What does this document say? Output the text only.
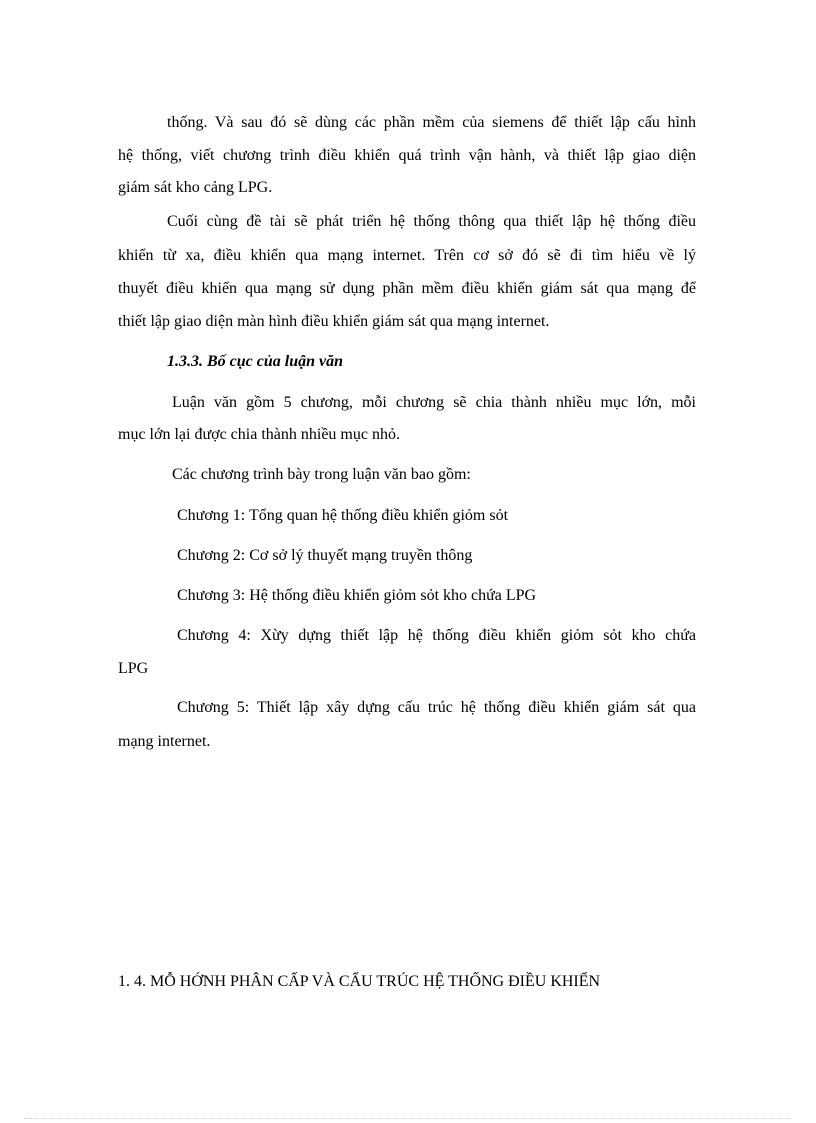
thống. Và sau đó sẽ dùng các phần mềm của siemens để thiết lập cấu hình
hệ thống, viết chương trình điều khiển quá trình vận hành, và thiết lập giao diện
giám sát kho cảng LPG.
Cuối cùng đề tài sẽ phát triển hệ thống thông qua thiết lập hệ thống điều
khiển từ xa, điều khiển qua mạng internet. Trên cơ sở đó sẽ đi tìm hiểu về lý
thuyết điều khiển qua mạng sử dụng phần mềm điều khiển giám sát qua mạng để
thiết lập giao diện màn hình điều khiển giám sát qua mạng internet.
1.3.3. Bố cục của luận văn
Luận văn gồm 5 chương, mỗi chương sẽ chia thành nhiều mục lớn, mỗi
mục lớn lại được chia thành nhiều mục nhỏ.
Các chương trình bày trong luận văn bao gồm:
Chương 1: Tổng quan hệ thống điều khiển giỏm sỏt
Chương 2: Cơ sở lý thuyết mạng truyền thông
Chương 3: Hệ thống điều khiển giỏm sỏt kho chứa LPG
Chương 4: Xừy dựng thiết lập hệ thống điều khiển giỏm sỏt kho chứa
LPG
Chương 5: Thiết lập xây dựng cấu trúc hệ thống điều khiển giám sát qua
mạng internet.
1. 4. MỖ HỚNH PHÂN CẤP VÀ CẤU TRÚC HỆ THỐNG ĐIỀU KHIỂN
